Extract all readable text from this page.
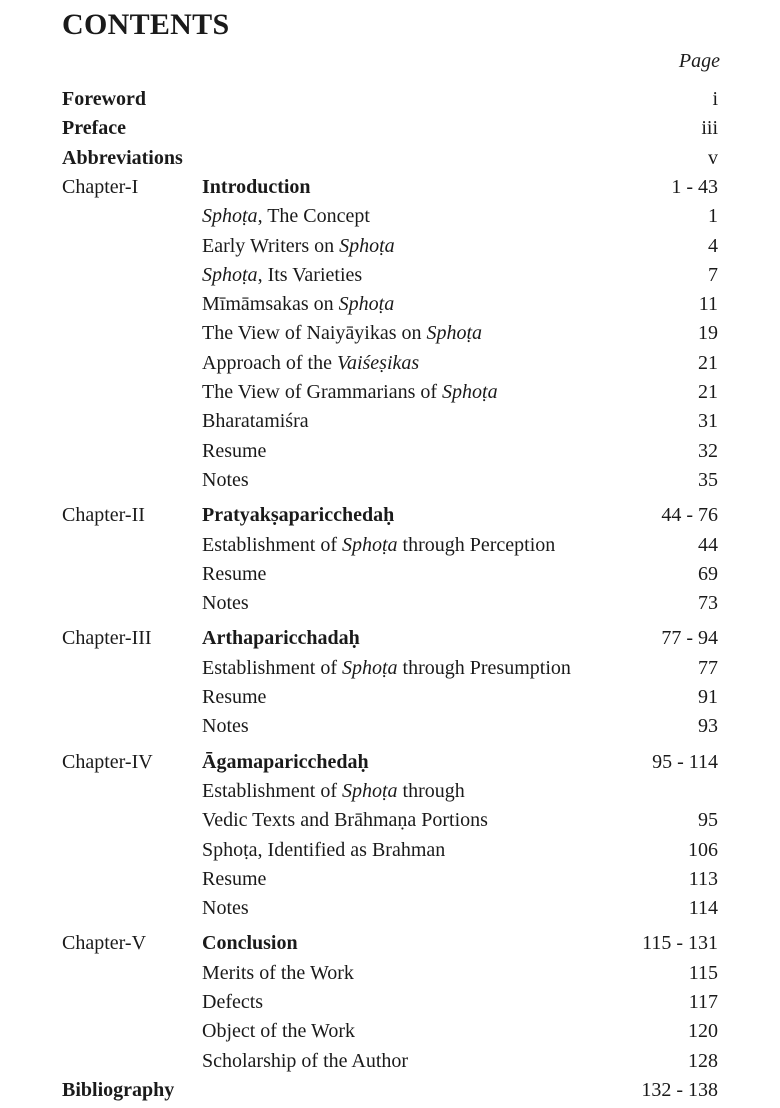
CONTENTS
Page
Foreword	i
Preface	iii
Abbreviations	v
Chapter-I	Introduction	1 - 43
Sphoṭa, The Concept	1
Early Writers on Sphoṭa	4
Sphoṭa, Its Varieties	7
Mīmāmsakas on Sphoṭa	11
The View of Naiyāyikas on Sphoṭa	19
Approach of the Vaiśeṣikas	21
The View of Grammarians of Sphoṭa	21
Bharatamiśra	31
Resume	32
Notes	35
Chapter-II	Pratyakṣaparicchedaḥ	44 - 76
Establishment of Sphoṭa through Perception	44
Resume	69
Notes	73
Chapter-III	Arthaparicchadaḥ	77 - 94
Establishment of Sphoṭa through Presumption	77
Resume	91
Notes	93
Chapter-IV Āgamaparicchedaḥ	95 - 114
Establishment of Sphoṭa through
Vedic Texts and Brāhmaṇa Portions	95
Sphoṭa, Identified as Brahman	106
Resume	113
Notes	114
Chapter-V	Conclusion	115 - 131
Merits of the Work	115
Defects	117
Object of the Work	120
Scholarship of the Author	128
Bibliography	132 - 138
